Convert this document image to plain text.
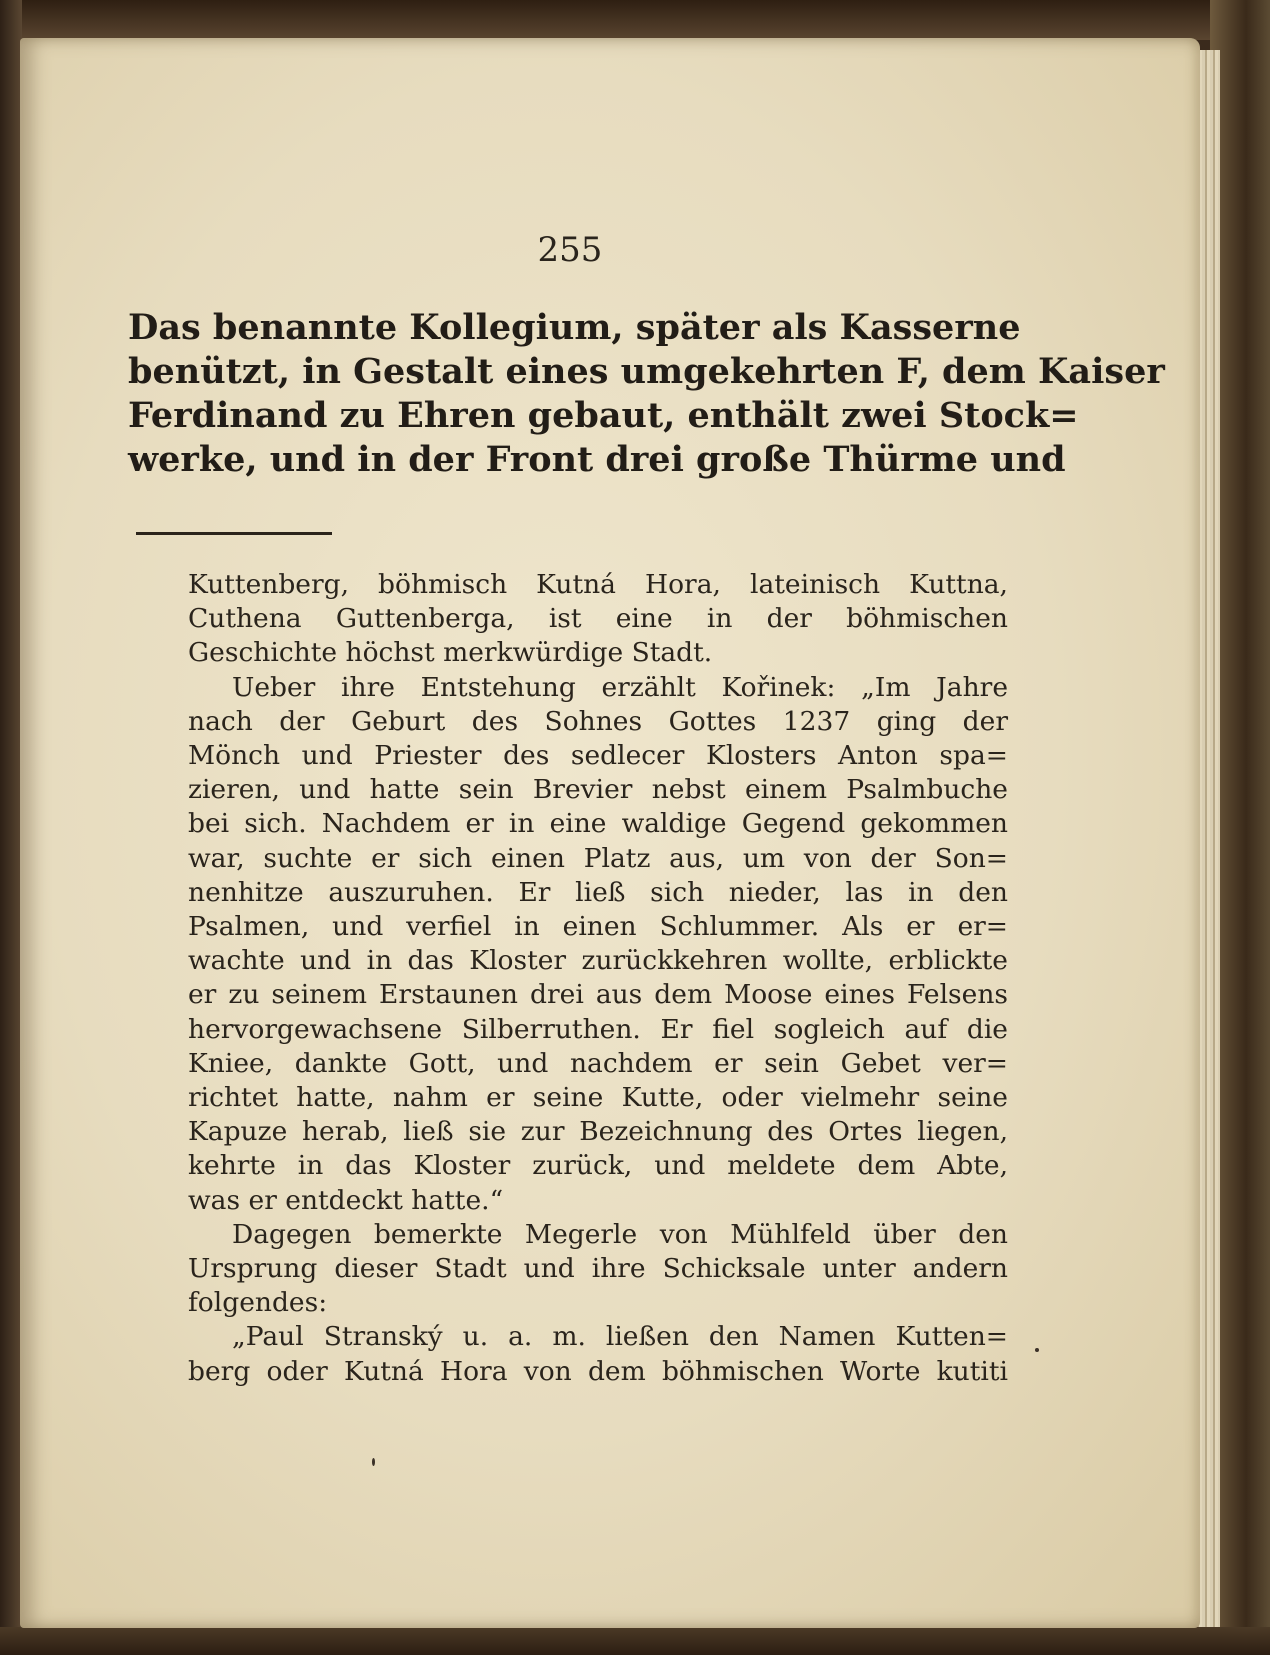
255
Das benannte Kollegium, später als Kasserne
benützt, in Gestalt eines umgekehrten F, dem Kaiser
Ferdinand zu Ehren gebaut, enthält zwei Stock=
werke, und in der Front drei große Thürme und
Kuttenberg, böhmisch Kutná Hora, lateinisch Kuttna,
Cuthena Guttenberga, ist eine in der böhmischen
Geschichte höchst merkwürdige Stadt.
Ueber ihre Entstehung erzählt Kořinek: „Im Jahre
nach der Geburt des Sohnes Gottes 1237 ging der
Mönch und Priester des sedlecer Klosters Anton spa=
zieren, und hatte sein Brevier nebst einem Psalmbuche
bei sich. Nachdem er in eine waldige Gegend gekommen
war, suchte er sich einen Platz aus, um von der Son=
nenhitze auszuruhen. Er ließ sich nieder, las in den
Psalmen, und verfiel in einen Schlummer. Als er er=
wachte und in das Kloster zurückkehren wollte, erblickte
er zu seinem Erstaunen drei aus dem Moose eines Felsens
hervorgewachsene Silberruthen. Er fiel sogleich auf die
Kniee, dankte Gott, und nachdem er sein Gebet ver=
richtet hatte, nahm er seine Kutte, oder vielmehr seine
Kapuze herab, ließ sie zur Bezeichnung des Ortes liegen,
kehrte in das Kloster zurück, und meldete dem Abte,
was er entdeckt hatte.“
Dagegen bemerkte Megerle von Mühlfeld über den
Ursprung dieser Stadt und ihre Schicksale unter andern
folgendes:
„Paul Stranský u. a. m. ließen den Namen Kutten=
berg oder Kutná Hora von dem böhmischen Worte kutiti
